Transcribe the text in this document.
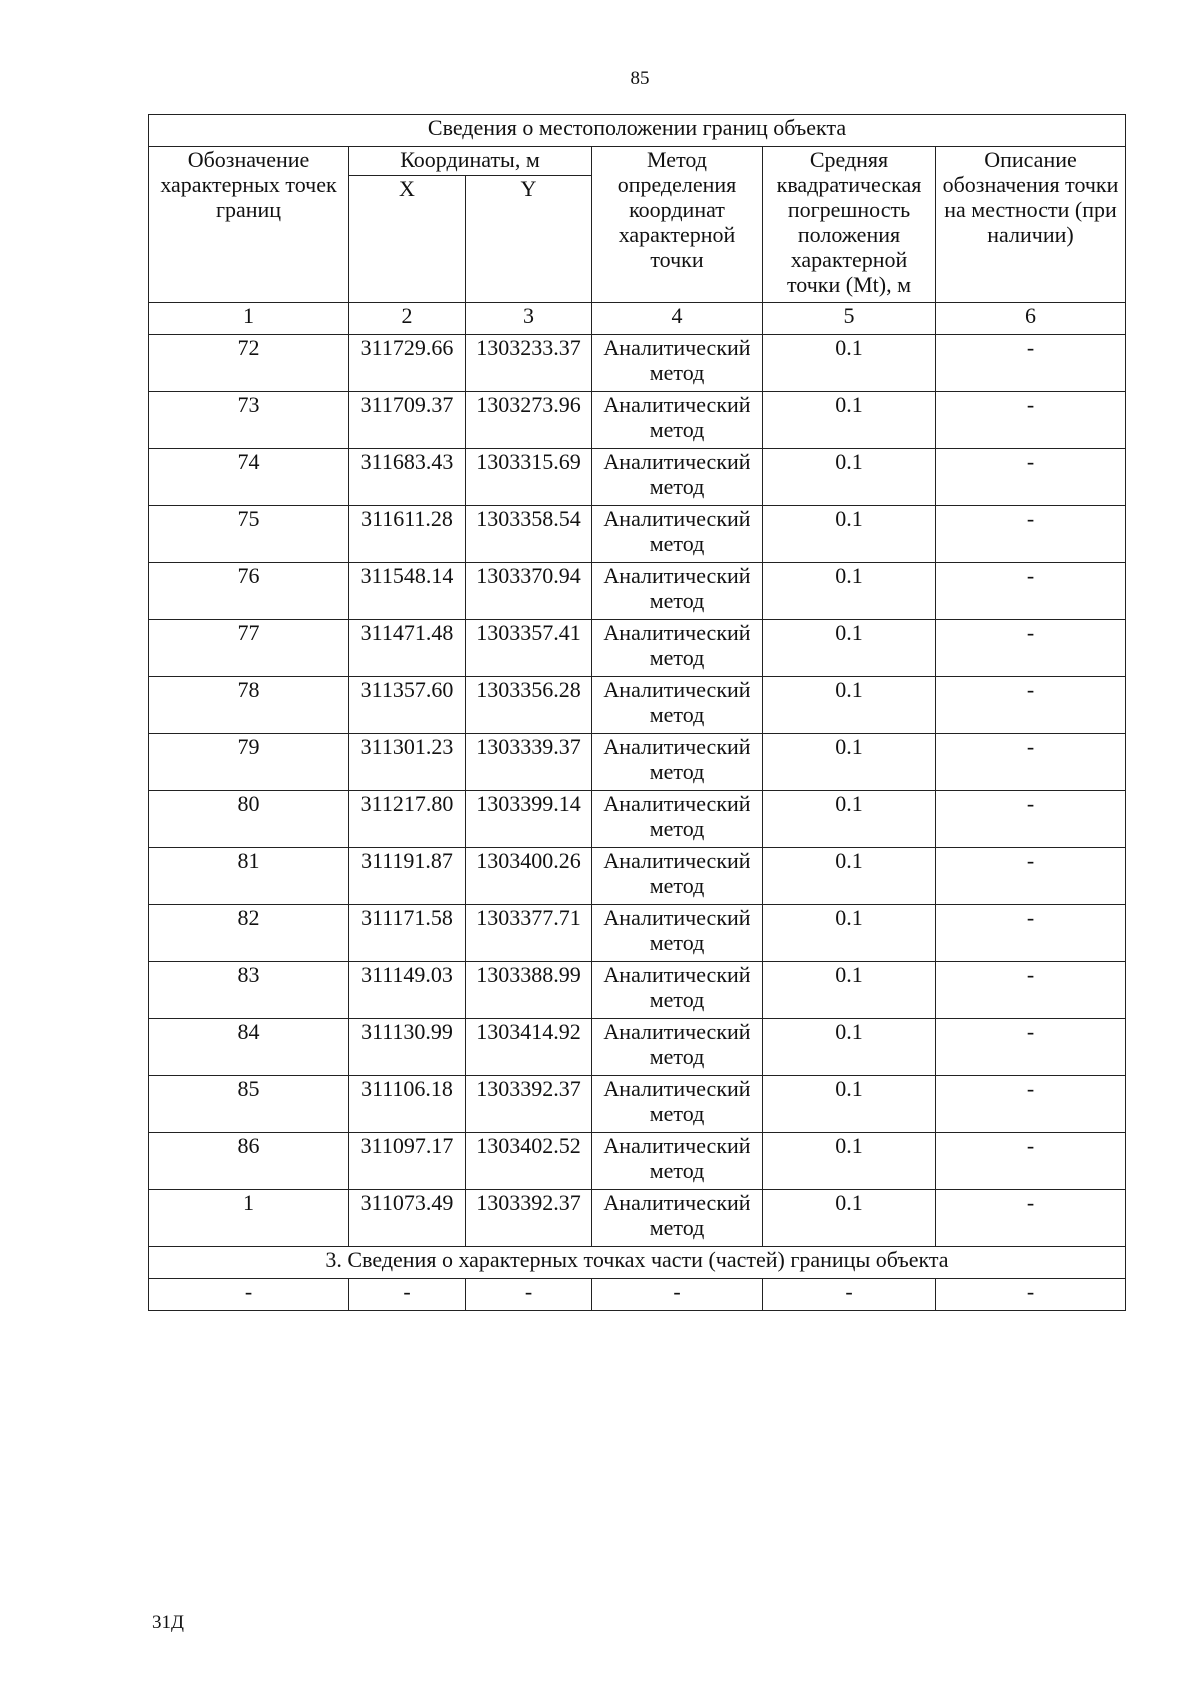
85
Сведения о местоположении границ объекта					
Обозначение характерных точек границ	Координаты, м		Метод определения координат характерной точки	Средняя квадратическая погрешность положения характерной точки (Mt), м	Описание обозначения точки на местности (при наличии)
	X	Y			
1	2	3	4	5	6
72	311729.66	1303233.37	Аналитический метод	0.1	-
73	311709.37	1303273.96	Аналитический метод	0.1	-
74	311683.43	1303315.69	Аналитический метод	0.1	-
75	311611.28	1303358.54	Аналитический метод	0.1	-
76	311548.14	1303370.94	Аналитический метод	0.1	-
77	311471.48	1303357.41	Аналитический метод	0.1	-
78	311357.60	1303356.28	Аналитический метод	0.1	-
79	311301.23	1303339.37	Аналитический метод	0.1	-
80	311217.80	1303399.14	Аналитический метод	0.1	-
81	311191.87	1303400.26	Аналитический метод	0.1	-
82	311171.58	1303377.71	Аналитический метод	0.1	-
83	311149.03	1303388.99	Аналитический метод	0.1	-
84	311130.99	1303414.92	Аналитический метод	0.1	-
85	311106.18	1303392.37	Аналитический метод	0.1	-
86	311097.17	1303402.52	Аналитический метод	0.1	-
1	311073.49	1303392.37	Аналитический метод	0.1	-
3. Сведения о характерных точках части (частей) границы объекта					
-	-	-	-	-	-
31Д
